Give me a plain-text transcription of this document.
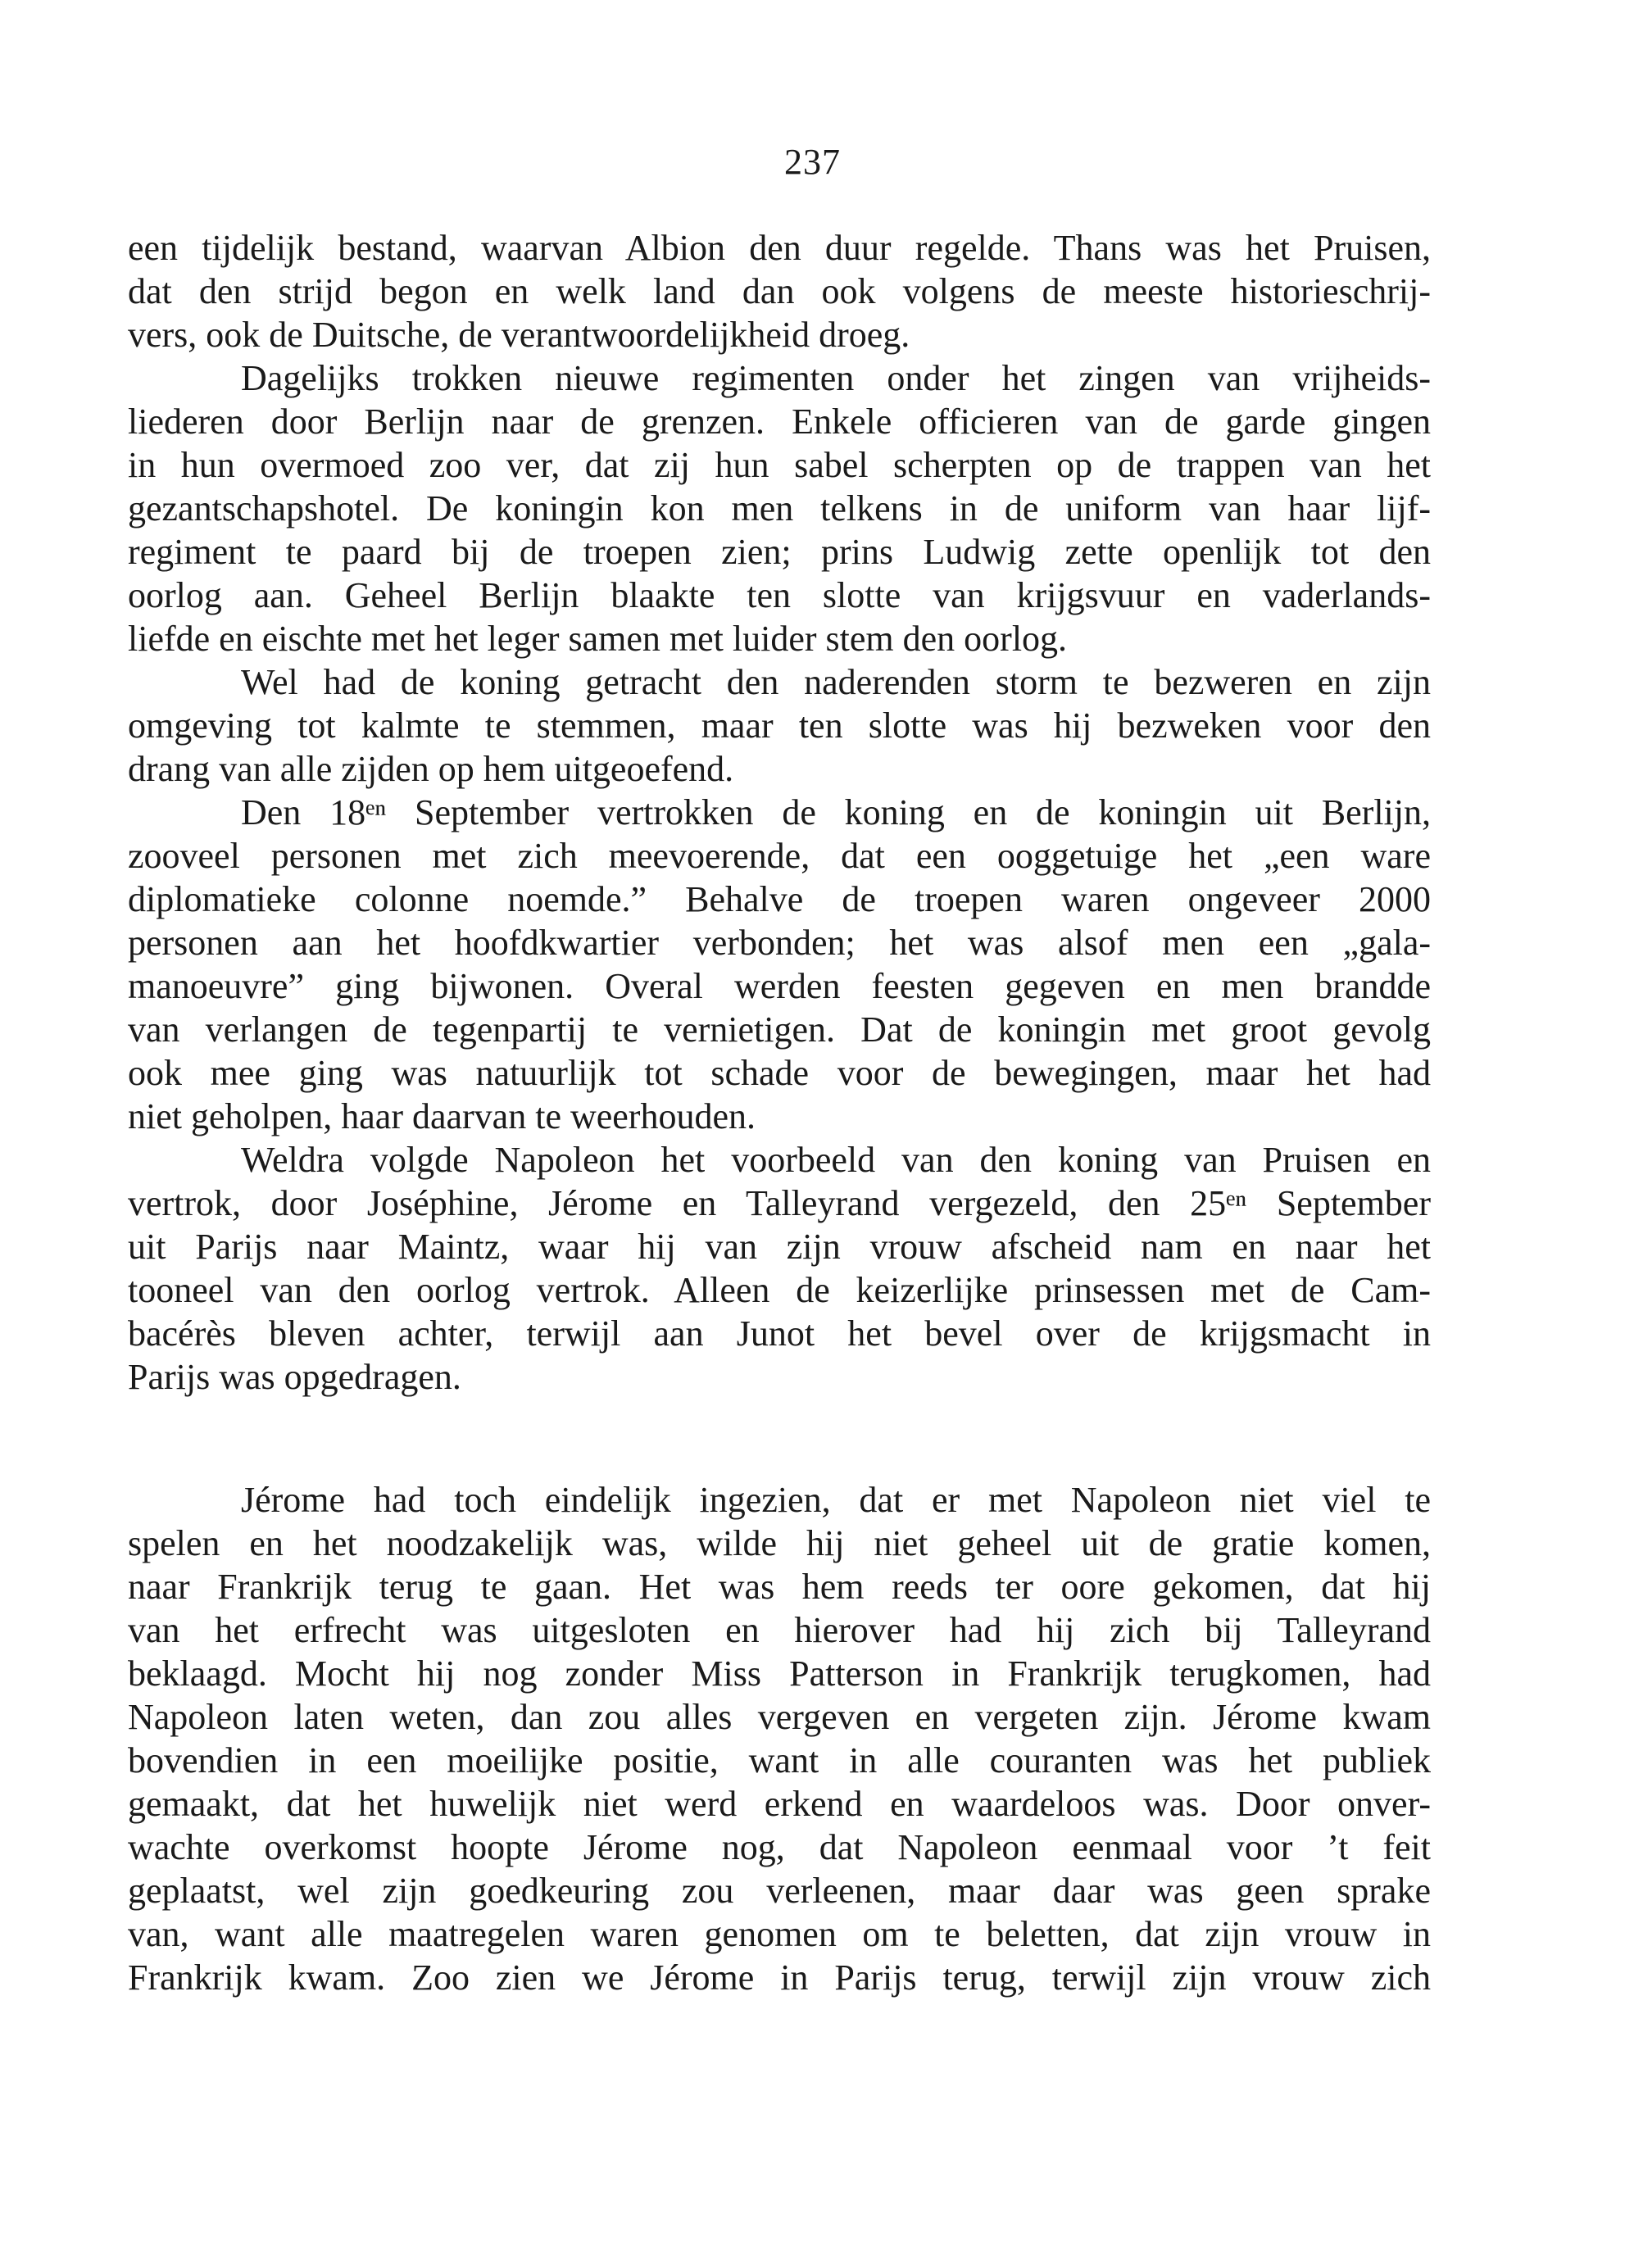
237
een tijdelijk bestand, waarvan Albion den duur regelde. Thans was het Pruisen,
dat den strijd begon en welk land dan ook volgens de meeste historieschrij-
vers, ook de Duitsche, de verantwoordelijkheid droeg.
Dagelijks trokken nieuwe regimenten onder het zingen van vrijheids-
liederen door Berlijn naar de grenzen. Enkele officieren van de garde gingen
in hun overmoed zoo ver, dat zij hun sabel scherpten op de trappen van het
gezantschapshotel. De koningin kon men telkens in de uniform van haar lijf-
regiment te paard bij de troepen zien; prins Ludwig zette openlijk tot den
oorlog aan. Geheel Berlijn blaakte ten slotte van krijgsvuur en vaderlands-
liefde en eischte met het leger samen met luider stem den oorlog.
Wel had de koning getracht den naderenden storm te bezweren en zijn
omgeving tot kalmte te stemmen, maar ten slotte was hij bezweken voor den
drang van alle zijden op hem uitgeoefend.
Den 18ᵉⁿ September vertrokken de koning en de koningin uit Berlijn,
zooveel personen met zich meevoerende, dat een ooggetuige het „een ware
diplomatieke colonne noemde.” Behalve de troepen waren ongeveer 2000
personen aan het hoofdkwartier verbonden; het was alsof men een „gala-
manoeuvre” ging bijwonen. Overal werden feesten gegeven en men brandde
van verlangen de tegenpartij te vernietigen. Dat de koningin met groot gevolg
ook mee ging was natuurlijk tot schade voor de bewegingen, maar het had
niet geholpen, haar daarvan te weerhouden.
Weldra volgde Napoleon het voorbeeld van den koning van Pruisen en
vertrok, door Joséphine, Jérome en Talleyrand vergezeld, den 25ᵉⁿ September
uit Parijs naar Maintz, waar hij van zijn vrouw afscheid nam en naar het
tooneel van den oorlog vertrok. Alleen de keizerlijke prinsessen met de Cam-
bacérès bleven achter, terwijl aan Junot het bevel over de krijgsmacht in
Parijs was opgedragen.
Jérome had toch eindelijk ingezien, dat er met Napoleon niet viel te
spelen en het noodzakelijk was, wilde hij niet geheel uit de gratie komen,
naar Frankrijk terug te gaan. Het was hem reeds ter oore gekomen, dat hij
van het erfrecht was uitgesloten en hierover had hij zich bij Talleyrand
beklaagd. Mocht hij nog zonder Miss Patterson in Frankrijk terugkomen, had
Napoleon laten weten, dan zou alles vergeven en vergeten zijn. Jérome kwam
bovendien in een moeilijke positie, want in alle couranten was het publiek
gemaakt, dat het huwelijk niet werd erkend en waardeloos was. Door onver-
wachte overkomst hoopte Jérome nog, dat Napoleon eenmaal voor ’t feit
geplaatst, wel zijn goedkeuring zou verleenen, maar daar was geen sprake
van, want alle maatregelen waren genomen om te beletten, dat zijn vrouw in
Frankrijk kwam. Zoo zien we Jérome in Parijs terug, terwijl zijn vrouw zich
